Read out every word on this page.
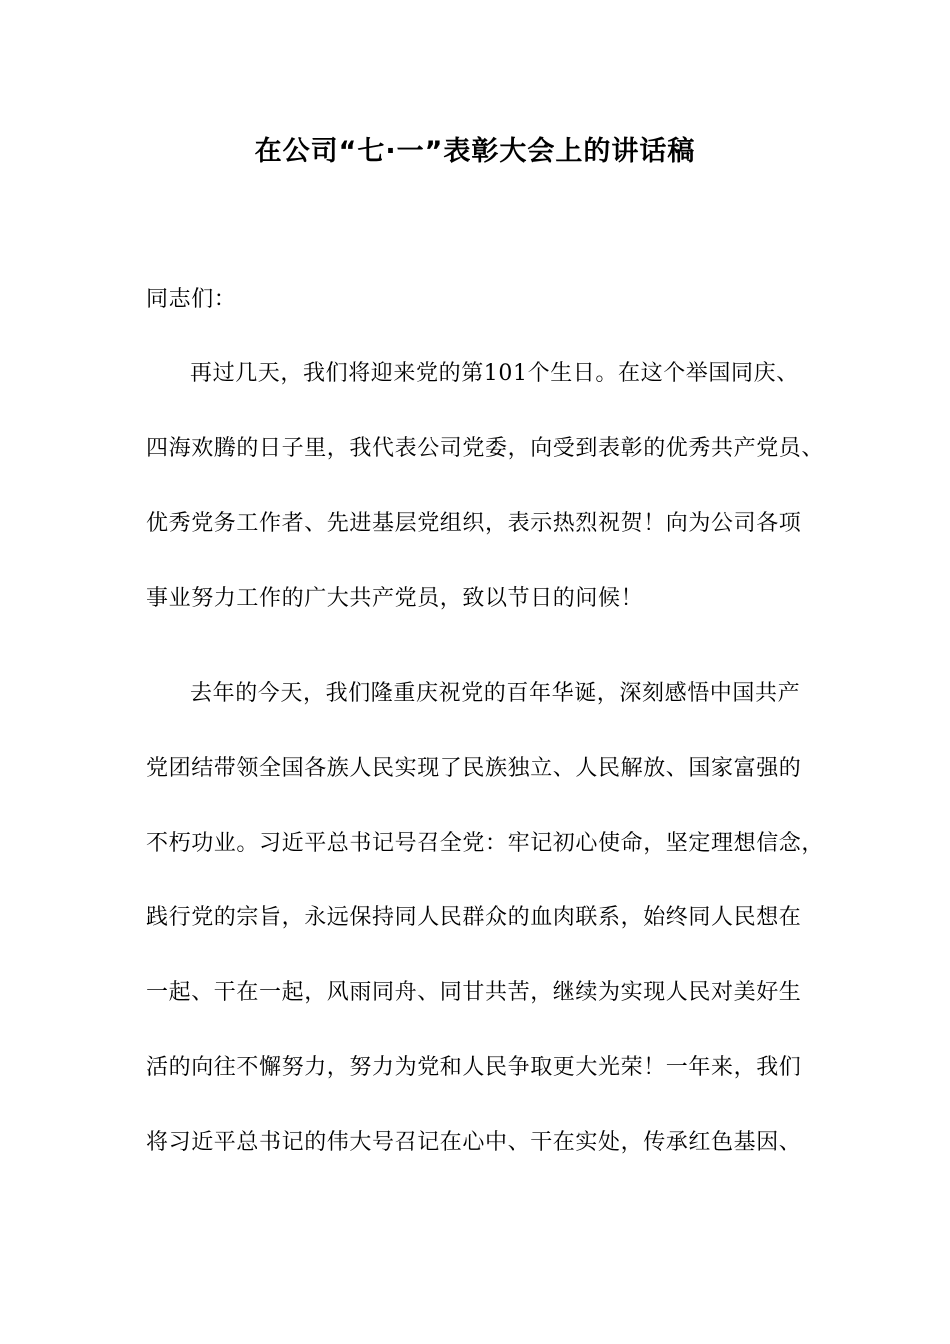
在公司“七·一”表彰大会上的讲话稿
同志们：
再过几天，我们将迎来党的第101个生日。在这个举国同庆、
四海欢腾的日子里，我代表公司党委，向受到表彰的优秀共产党员、
优秀党务工作者、先进基层党组织，表示热烈祝贺！向为公司各项
事业努力工作的广大共产党员，致以节日的问候！
去年的今天，我们隆重庆祝党的百年华诞，深刻感悟中国共产
党团结带领全国各族人民实现了民族独立、人民解放、国家富强的
不朽功业。习近平总书记号召全党：牢记初心使命，坚定理想信念，
践行党的宗旨，永远保持同人民群众的血肉联系，始终同人民想在
一起、干在一起，风雨同舟、同甘共苦，继续为实现人民对美好生
活的向往不懈努力，努力为党和人民争取更大光荣！一年来，我们
将习近平总书记的伟大号召记在心中、干在实处，传承红色基因、
